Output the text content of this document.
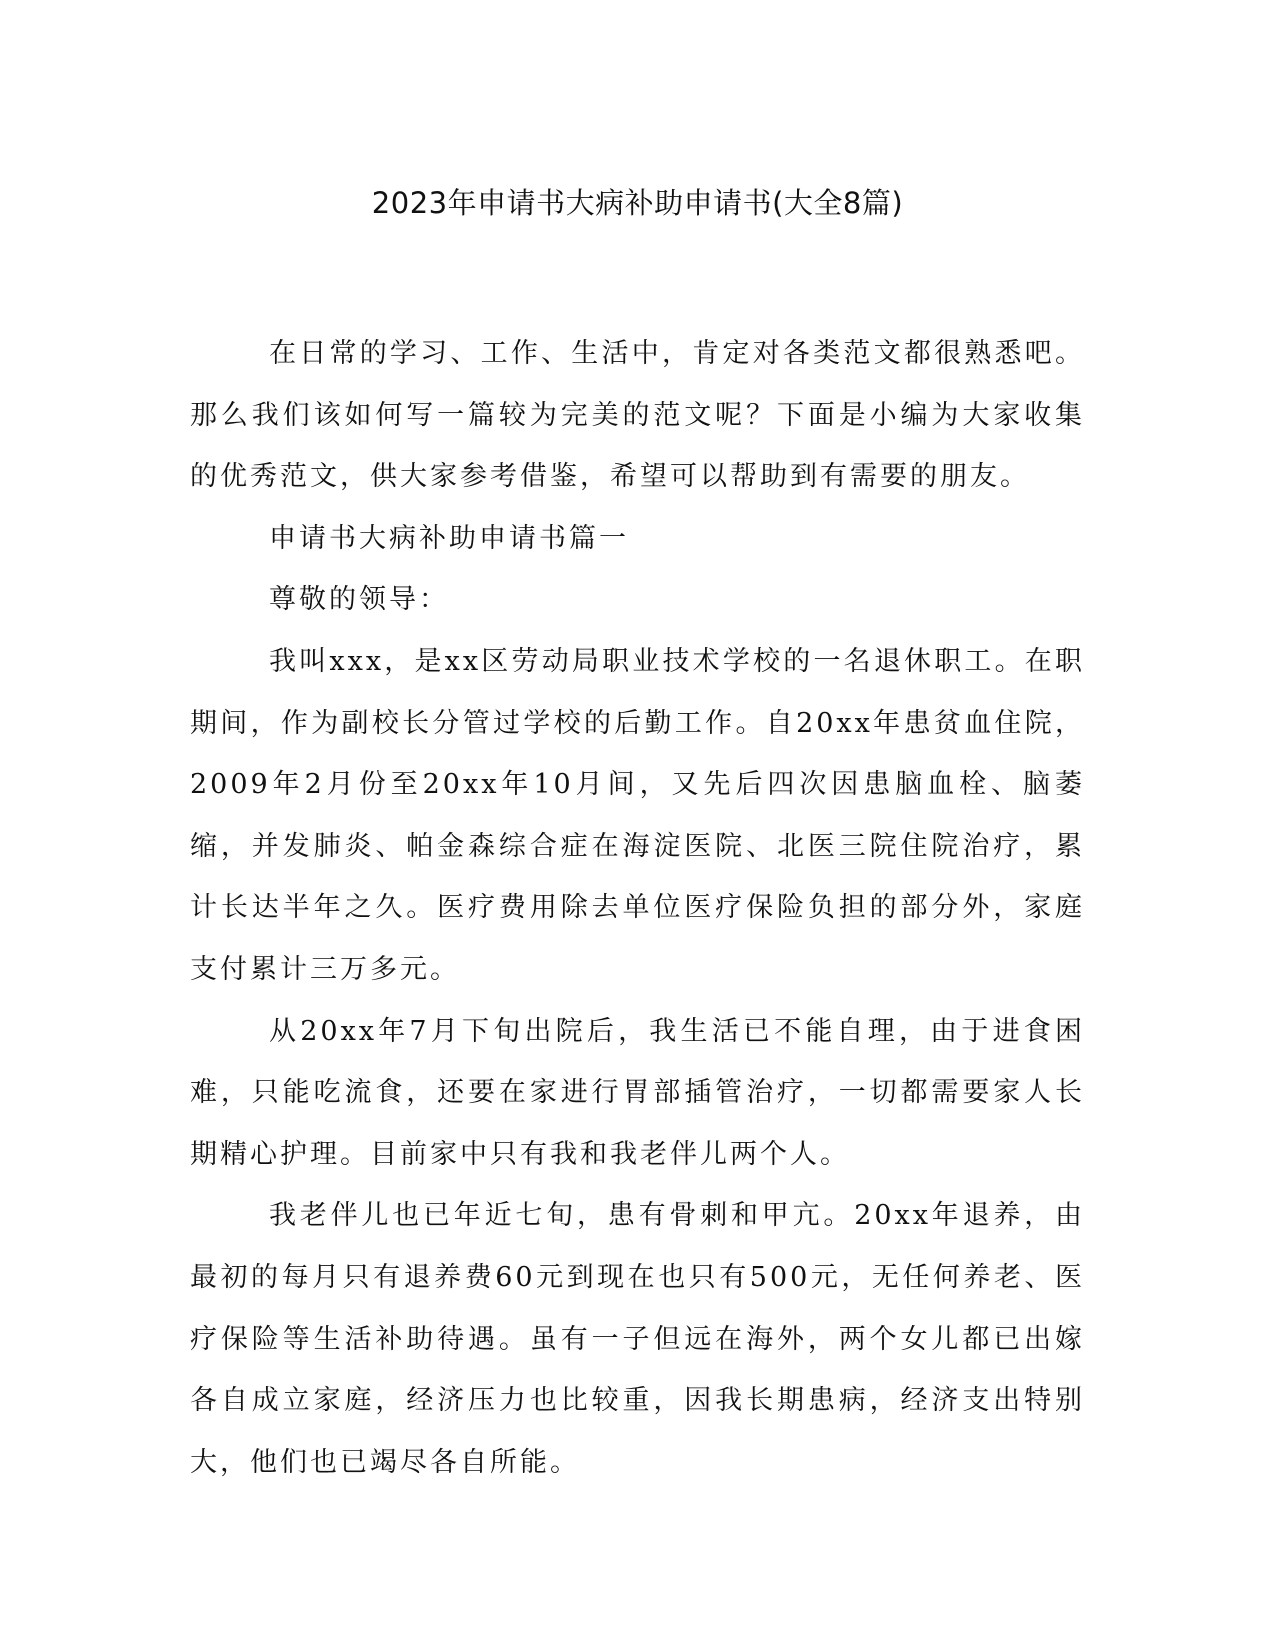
2023年申请书大病补助申请书(大全8篇)

在日常的学习、工作、生活中，肯定对各类范文都很熟悉吧。那么我们该如何写一篇较为完美的范文呢？下面是小编为大家收集的优秀范文，供大家参考借鉴，希望可以帮助到有需要的朋友。

申请书大病补助申请书篇一

尊敬的领导：

我叫xxx，是xx区劳动局职业技术学校的一名退休职工。在职期间，作为副校长分管过学校的后勤工作。自20xx年患贫血住院，2009年2月份至20xx年10月间，又先后四次因患脑血栓、脑萎缩，并发肺炎、帕金森综合症在海淀医院、北医三院住院治疗，累计长达半年之久。医疗费用除去单位医疗保险负担的部分外，家庭支付累计三万多元。

从20xx年7月下旬出院后，我生活已不能自理，由于进食困难，只能吃流食，还要在家进行胃部插管治疗，一切都需要家人长期精心护理。目前家中只有我和我老伴儿两个人。

我老伴儿也已年近七旬，患有骨刺和甲亢。20xx年退养，由最初的每月只有退养费60元到现在也只有500元，无任何养老、医疗保险等生活补助待遇。虽有一子但远在海外，两个女儿都已出嫁各自成立家庭，经济压力也比较重，因我长期患病，经济支出特别大，他们也已竭尽各自所能。
